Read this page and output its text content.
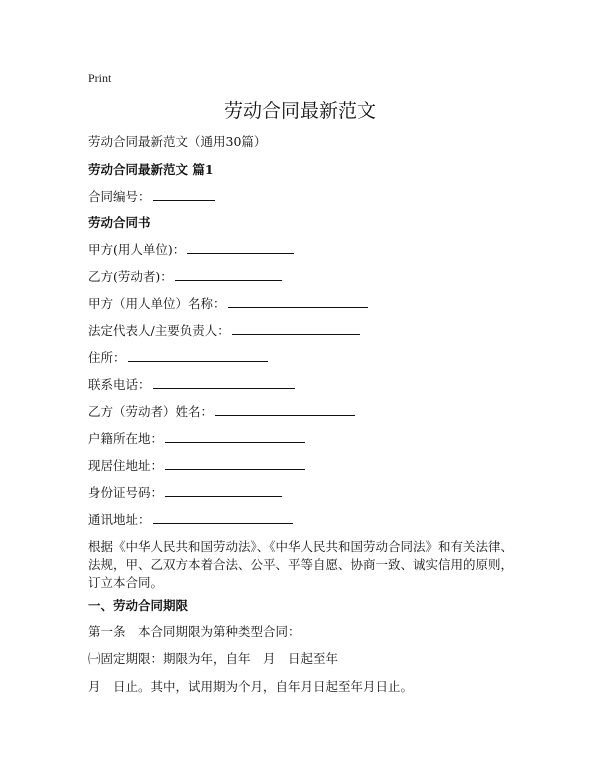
Print
劳动合同最新范文
劳动合同最新范文（通用30篇）
劳动合同最新范文 篇1
合同编号：
劳动合同书
甲方(用人单位)：
乙方(劳动者)：
甲方（用人单位）名称：
法定代表人/主要负责人：
住所：
联系电话：
乙方（劳动者）姓名：
户籍所在地：
现居住地址：
身份证号码：
通讯地址：
根据《中华人民共和国劳动法》、《中华人民共和国劳动合同法》和有关法律、法规，甲、乙双方本着合法、公平、平等自愿、协商一致、诚实信用的原则，订立本合同。
一、劳动合同期限
第一条　本合同期限为第种类型合同：
㈠固定期限：期限为年，自年　月　日起至年
月　日止。其中，试用期为个月，自年月日起至年月日止。
